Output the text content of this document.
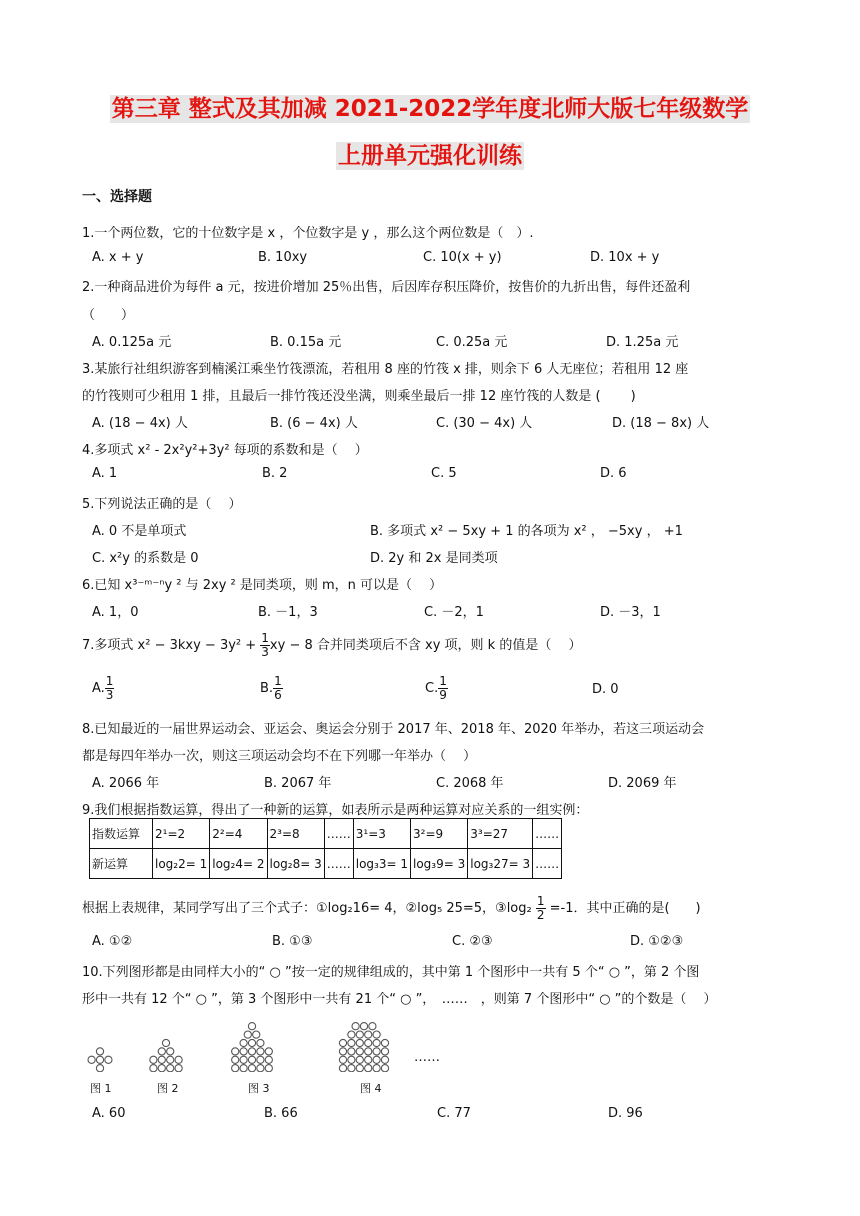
第三章 整式及其加减 2021-2022学年度北师大版七年级数学
上册单元强化训练
一、选择题
1.一个两位数，它的十位数字是 x ，个位数字是 y ，那么这个两位数是（　）.
A. x + y	B. 10xy	C. 10(x + y)	D. 10x + y
2.一种商品进价为每件 a 元，按进价增加 25％出售，后因库存积压降价，按售价的九折出售，每件还盈利
（　　）
A. 0.125a 元	B. 0.15a 元	C. 0.25a 元	D. 1.25a 元
3.某旅行社组织游客到楠溪江乘坐竹筏漂流，若租用 8 座的竹筏 x 排，则余下 6 人无座位；若租用 12 座
的竹筏则可少租用 1 排，且最后一排竹筏还没坐满，则乘坐最后一排 12 座竹筏的人数是 (　　 )
A. (18 − 4x) 人	B. (6 − 4x) 人	C. (30 − 4x) 人	D. (18 − 8x) 人
4.多项式 x² - 2x²y²+3y² 每项的系数和是（　 ）
A. 1	B. 2	C. 5	D. 6
5.下列说法正确的是（　 ）
A. 0 不是单项式	B. 多项式 x² − 5xy + 1 的各项为 x² ， −5xy ， +1
C. x²y 的系数是 0	D. 2y 和 2x 是同类项
6.已知 x³⁻ᵐ⁻ⁿy ² 与 2xy ² 是同类项，则 m，n 可以是（　 ）
A. 1，0	B. －1，3	C. －2，1	D. －3，1
7.多项式 $x^2 - 3kxy - 3y^2 + \frac{1}{3}$ xy − 8 合并同类项后不含 xy 项，则 k 的值是（　 ）
A. $\frac{1}{3}$	B. $\frac{1}{6}$	C. $\frac{1}{9}$	D. 0
8.已知最近的一届世界运动会、亚运会、奥运会分别于 2017 年、2018 年、2020 年举办，若这三项运动会
都是每四年举办一次，则这三项运动会均不在下列哪一年举办（　 ）
A. 2066 年	B. 2067 年	C. 2068 年	D. 2069 年
9.我们根据指数运算，得出了一种新的运算，如表所示是两种运算对应关系的一组实例：
指数运算	2¹=2	2²=4	2³=8	……	3¹=3	3²=9	3³=27	……
新运算	log₂2= 1	log₂4= 2	log₂8= 3	……	log₃3= 1	log₃9= 3	log₃27= 3	……
根据上表规律，某同学写出了三个式子：①log₂16= 4，②log₅ 25=5，③log₂ $\frac{1}{2} =-1$．其中正确的是(　　)
A. ①②	B. ①③	C. ②③	D. ①②③
10.下列图形都是由同样大小的“ ○ ”按一定的规律组成的，其中第 1 个图形中一共有 5 个“ ○ ”，第 2 个图
形中一共有 12 个“ ○ ”，第 3 个图形中一共有 21 个“ ○ ”，　……　，则第 7 个图形中“ ○ ”的个数是（　 ）
……
图 1	图 2	图 3	图 4
A. 60	B. 66	C. 77	D. 96
